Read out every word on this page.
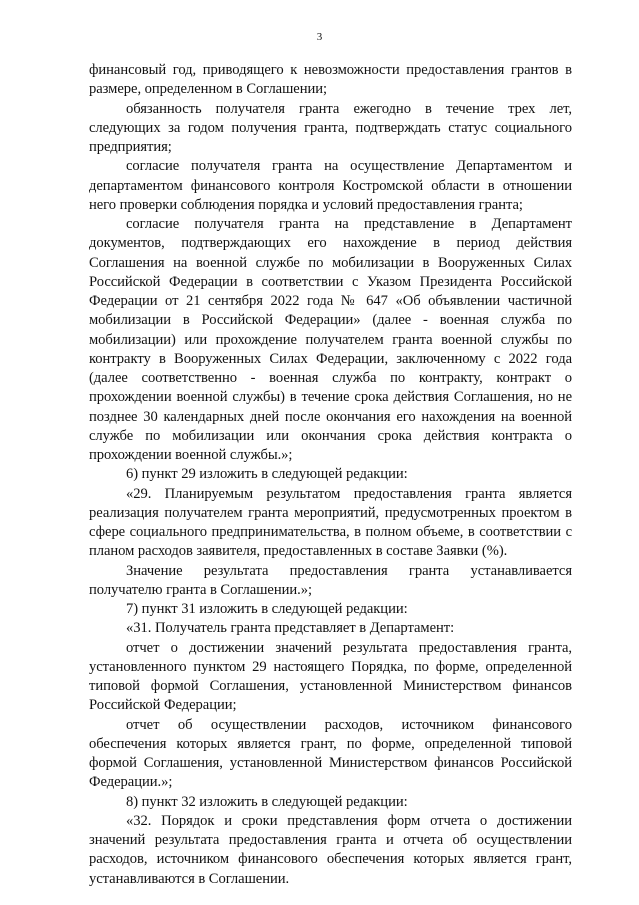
3

финансовый год, приводящего к невозможности предоставления грантов в размере, определенном в Соглашении;

обязанность получателя гранта ежегодно в течение трех лет, следующих за годом получения гранта, подтверждать статус социального предприятия;

согласие получателя гранта на осуществление Департаментом и департаментом финансового контроля Костромской области в отношении него проверки соблюдения порядка и условий предоставления гранта;

согласие получателя гранта на представление в Департамент документов, подтверждающих его нахождение в период действия Соглашения на военной службе по мобилизации в Вооруженных Силах Российской Федерации в соответствии с Указом Президента Российской Федерации от 21 сентября 2022 года № 647 «Об объявлении частичной мобилизации в Российской Федерации» (далее - военная служба по мобилизации) или прохождение получателем гранта военной службы по контракту в Вооруженных Силах Федерации, заключенному с 2022 года (далее соответственно - военная служба по контракту, контракт о прохождении военной службы) в течение срока действия Соглашения, но не позднее 30 календарных дней после окончания его нахождения на военной службе по мобилизации или окончания срока действия контракта о прохождении военной службы.»;

6) пункт 29 изложить в следующей редакции:

«29. Планируемым результатом предоставления гранта является реализация получателем гранта мероприятий, предусмотренных проектом в сфере социального предпринимательства, в полном объеме, в соответствии с планом расходов заявителя, предоставленных в составе Заявки (%).

Значение результата предоставления гранта устанавливается получателю гранта в Соглашении.»;

7) пункт 31 изложить в следующей редакции:

«31. Получатель гранта представляет в Департамент:

отчет о достижении значений результата предоставления гранта, установленного пунктом 29 настоящего Порядка, по форме, определенной типовой формой Соглашения, установленной Министерством финансов Российской Федерации;

отчет об осуществлении расходов, источником финансового обеспечения которых является грант, по форме, определенной типовой формой Соглашения, установленной Министерством финансов Российской Федерации.»;

8) пункт 32 изложить в следующей редакции:

«32. Порядок и сроки представления форм отчета о достижении значений результата предоставления гранта и отчета об осуществлении расходов, источником финансового обеспечения которых является грант, устанавливаются в Соглашении.
